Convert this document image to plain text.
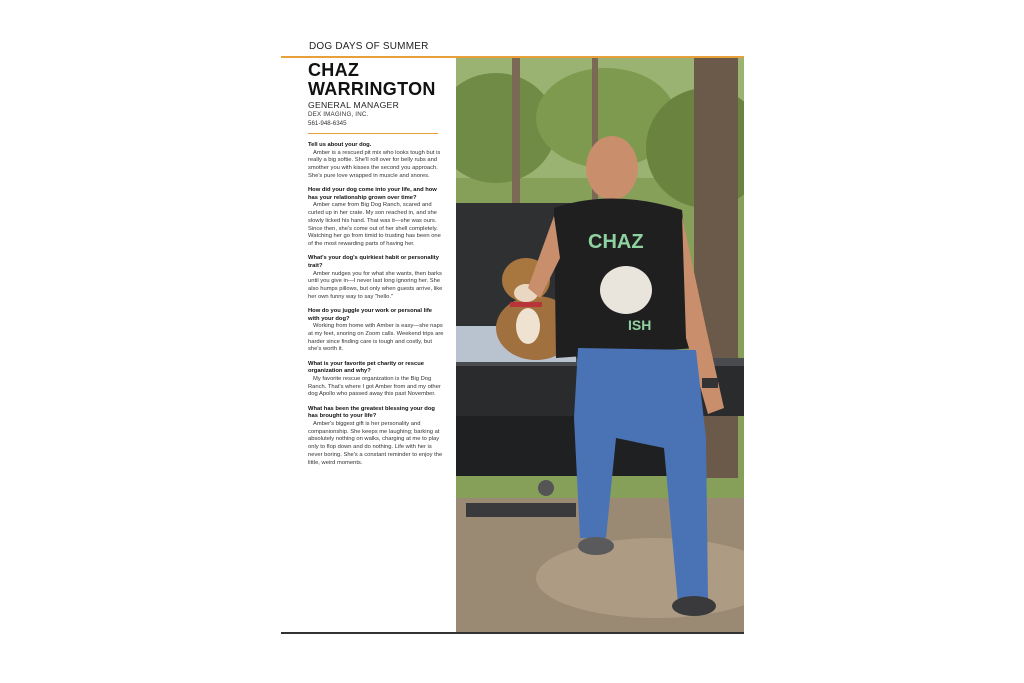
DOG DAYS OF SUMMER
CHAZ
WARRINGTON
GENERAL MANAGER
DEX IMAGING, INC.
561-948-6345
Tell us about your dog.
Amber is a rescued pit mix who looks tough but is really a big softie. She'll roll over for belly rubs and smother you with kisses the second you approach. She's pure love wrapped in muscle and snores.
How did your dog come into your life, and how has your relationship grown over time?
Amber came from Big Dog Ranch, scared and curled up in her crate. My son reached in, and she slowly licked his hand. That was it—she was ours. Since then, she's come out of her shell completely. Watching her go from timid to trusting has been one of the most rewarding parts of having her.
What's your dog's quirkiest habit or personality trait?
Amber nudges you for what she wants, then barks until you give in—I never last long ignoring her. She also humps pillows, but only when guests arrive, like her own funny way to say "hello."
How do you juggle your work or personal life with your dog?
Working from home with Amber is easy—she naps at my feet, snoring on Zoom calls. Weekend trips are harder since finding care is tough and costly, but she's worth it.
What is your favorite pet charity or rescue organization and why?
My favorite rescue organization is the Big Dog Ranch. That's where I got Amber from and my other dog Apollo who passed away this past November.
What has been the greatest blessing your dog has brought to your life?
Amber's biggest gift is her personality and companionship. She keeps me laughing; barking at absolutely nothing on walks, charging at me to play only to flop down and do nothing. Life with her is never boring. She's a constant reminder to enjoy the little, weird moments.
CHAZ
ISH
